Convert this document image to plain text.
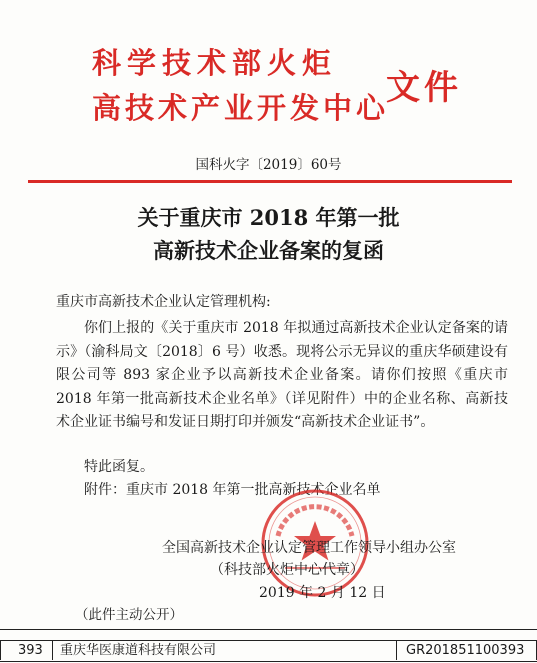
科学技术部火炬
高技术产业开发中心
文件
国科火字〔2019〕60号
关于重庆市 2018 年第一批
高新技术企业备案的复函
重庆市高新技术企业认定管理机构:
你们上报的《关于重庆市 2018 年拟通过高新技术企业认定备案的请示》（渝科局文〔2018〕6 号）收悉。现将公示无异议的重庆华硕建设有限公司等 893 家企业予以高新技术企业备案。请你们按照《重庆市 2018 年第一批高新技术企业名单》（详见附件）中的企业名称、高新技术企业证书编号和发证日期打印并颁发“高新技术企业证书”。
特此函复。
附件：重庆市 2018 年第一批高新技术企业名单
全国高新技术企业认定管理工作领导小组办公室
（科技部火炬中心代章）
2019 年 2 月 12 日
（此件主动公开）
393 重庆华医康道科技有限公司	GR201851100393
